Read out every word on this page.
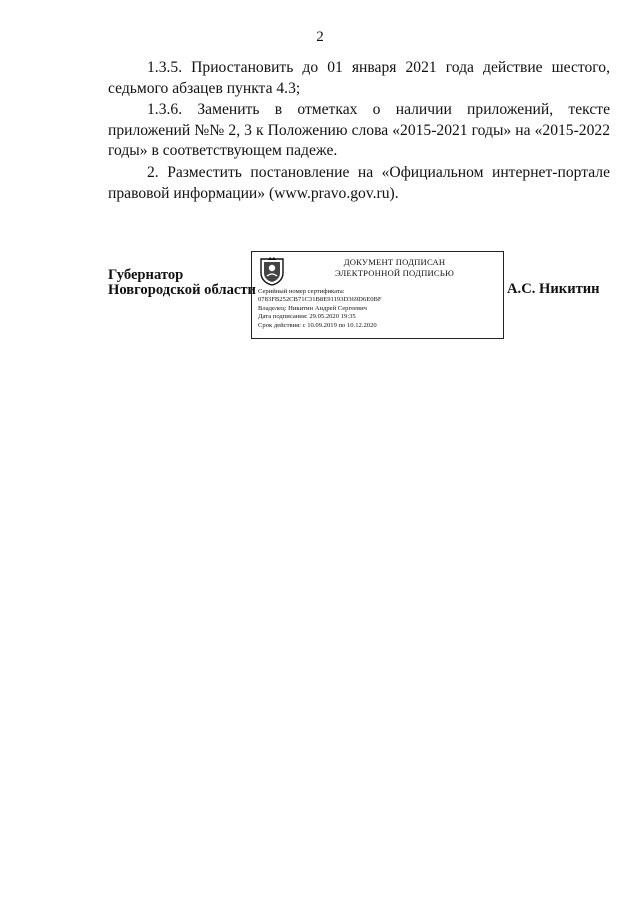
2

1.3.5. Приостановить до 01 января 2021 года действие шестого, седьмого абзацев пункта 4.3;

1.3.6. Заменить в отметках о наличии приложений, тексте приложений №№ 2, 3 к Положению слова «2015-2021 годы» на «2015-2022 годы» в соответствующем падеже.

2. Разместить постановление на «Официальном интернет-портале правовой информации» (www.pravo.gov.ru).

Губернатор
Новгородской области
ДОКУМЕНТ ПОДПИСАН
ЭЛЕКТРОННОЙ ПОДПИСЬЮ
Серийный номер сертификата:
0783FB252CB71C31B8E91193D369D6E0BF
Владелец: Никитин Андрей Сергеевич
Дата подписания: 29.05.2020 19:35
Срок действия: с 10.09.2019 по 10.12.2020
А.С. Никитин
